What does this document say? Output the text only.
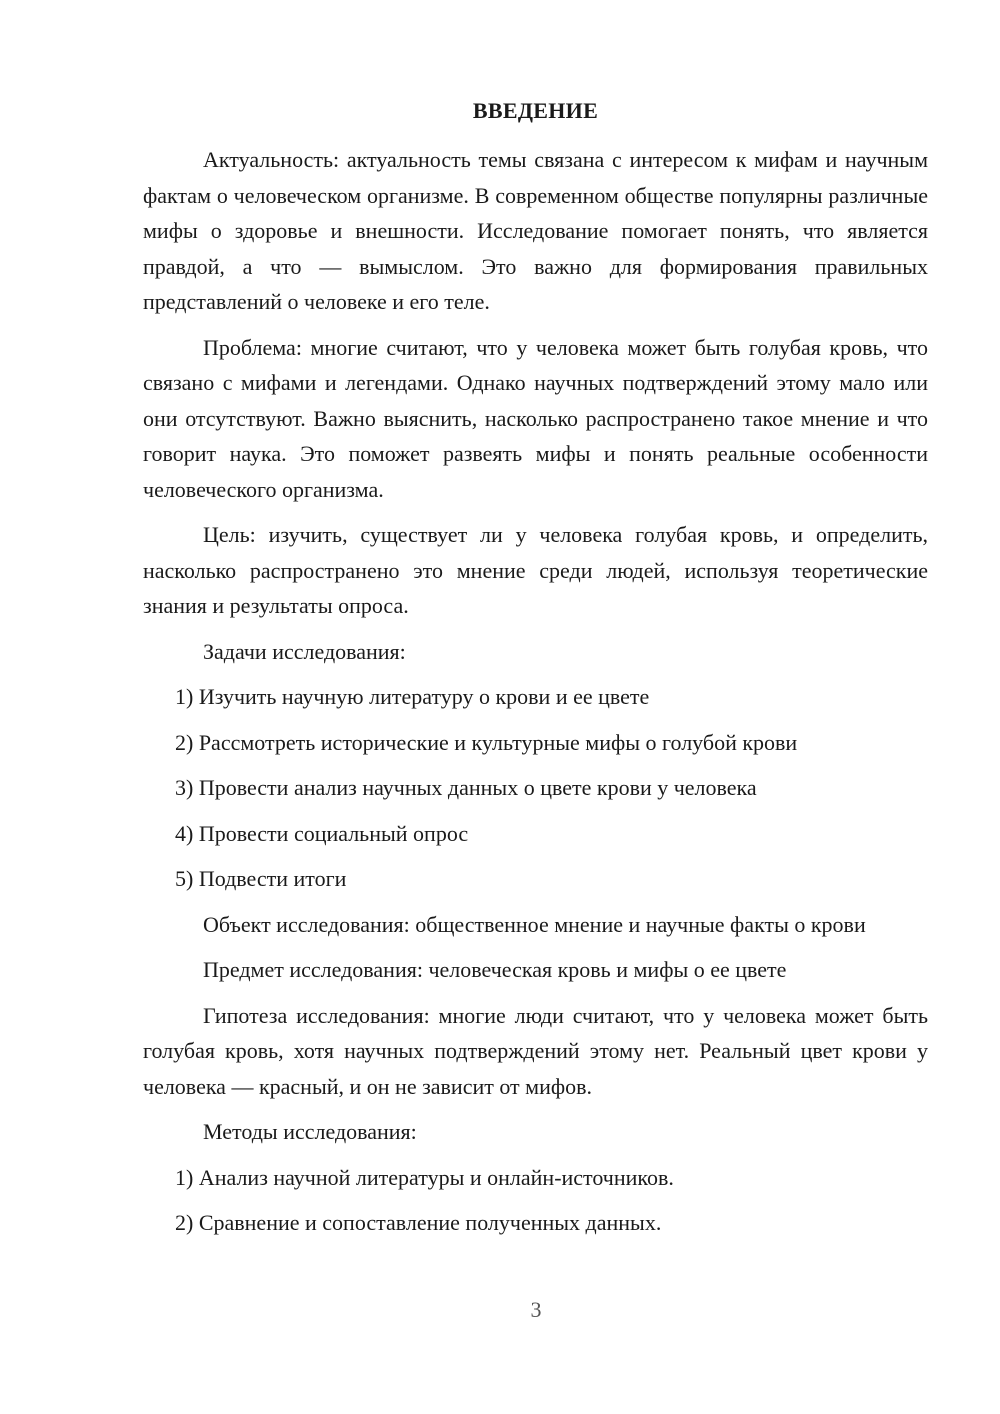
ВВЕДЕНИЕ

Актуальность: актуальность темы связана с интересом к мифам и научным фактам о человеческом организме. В современном обществе популярны различные мифы о здоровье и внешности. Исследование помогает понять, что является правдой, а что — вымыслом. Это важно для формирования правильных представлений о человеке и его теле.

Проблема: многие считают, что у человека может быть голубая кровь, что связано с мифами и легендами. Однако научных подтверждений этому мало или они отсутствуют. Важно выяснить, насколько распространено такое мнение и что говорит наука. Это поможет развеять мифы и понять реальные особенности человеческого организма.

Цель: изучить, существует ли у человека голубая кровь, и определить, насколько распространено это мнение среди людей, используя теоретические знания и результаты опроса.

Задачи исследования:
1) Изучить научную литературу о крови и ее цвете
2) Рассмотреть исторические и культурные мифы о голубой крови
3) Провести анализ научных данных о цвете крови у человека
4) Провести социальный опрос
5) Подвести итоги

Объект исследования: общественное мнение и научные факты о крови

Предмет исследования: человеческая кровь и мифы о ее цвете

Гипотеза исследования: многие люди считают, что у человека может быть голубая кровь, хотя научных подтверждений этому нет. Реальный цвет крови у человека — красный, и он не зависит от мифов.

Методы исследования:
1) Анализ научной литературы и онлайн-источников.
2) Сравнение и сопоставление полученных данных.
3
